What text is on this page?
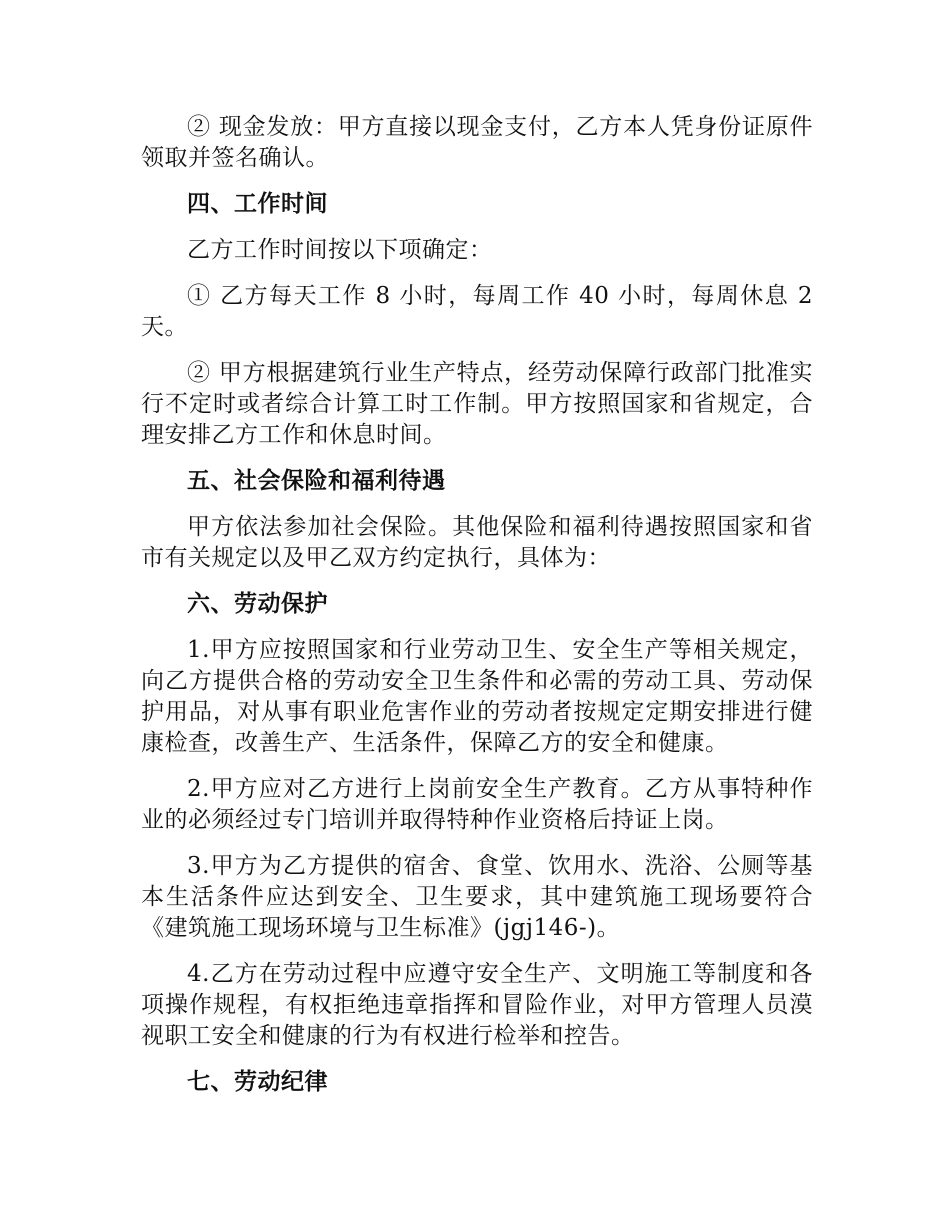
② 现金发放：甲方直接以现金支付，乙方本人凭身份证原件领取并签名确认。

四、工作时间

乙方工作时间按以下项确定：

① 乙方每天工作 8 小时，每周工作 40 小时，每周休息 2 天。

② 甲方根据建筑行业生产特点，经劳动保障行政部门批准实行不定时或者综合计算工时工作制。甲方按照国家和省规定，合理安排乙方工作和休息时间。

五、社会保险和福利待遇

甲方依法参加社会保险。其他保险和福利待遇按照国家和省市有关规定以及甲乙双方约定执行，具体为：

六、劳动保护

1.甲方应按照国家和行业劳动卫生、安全生产等相关规定，向乙方提供合格的劳动安全卫生条件和必需的劳动工具、劳动保护用品，对从事有职业危害作业的劳动者按规定定期安排进行健康检查，改善生产、生活条件，保障乙方的安全和健康。

2.甲方应对乙方进行上岗前安全生产教育。乙方从事特种作业的必须经过专门培训并取得特种作业资格后持证上岗。

3.甲方为乙方提供的宿舍、食堂、饮用水、洗浴、公厕等基本生活条件应达到安全、卫生要求，其中建筑施工现场要符合《建筑施工现场环境与卫生标准》(jgj146-)。

4.乙方在劳动过程中应遵守安全生产、文明施工等制度和各项操作规程，有权拒绝违章指挥和冒险作业，对甲方管理人员漠视职工安全和健康的行为有权进行检举和控告。

七、劳动纪律
